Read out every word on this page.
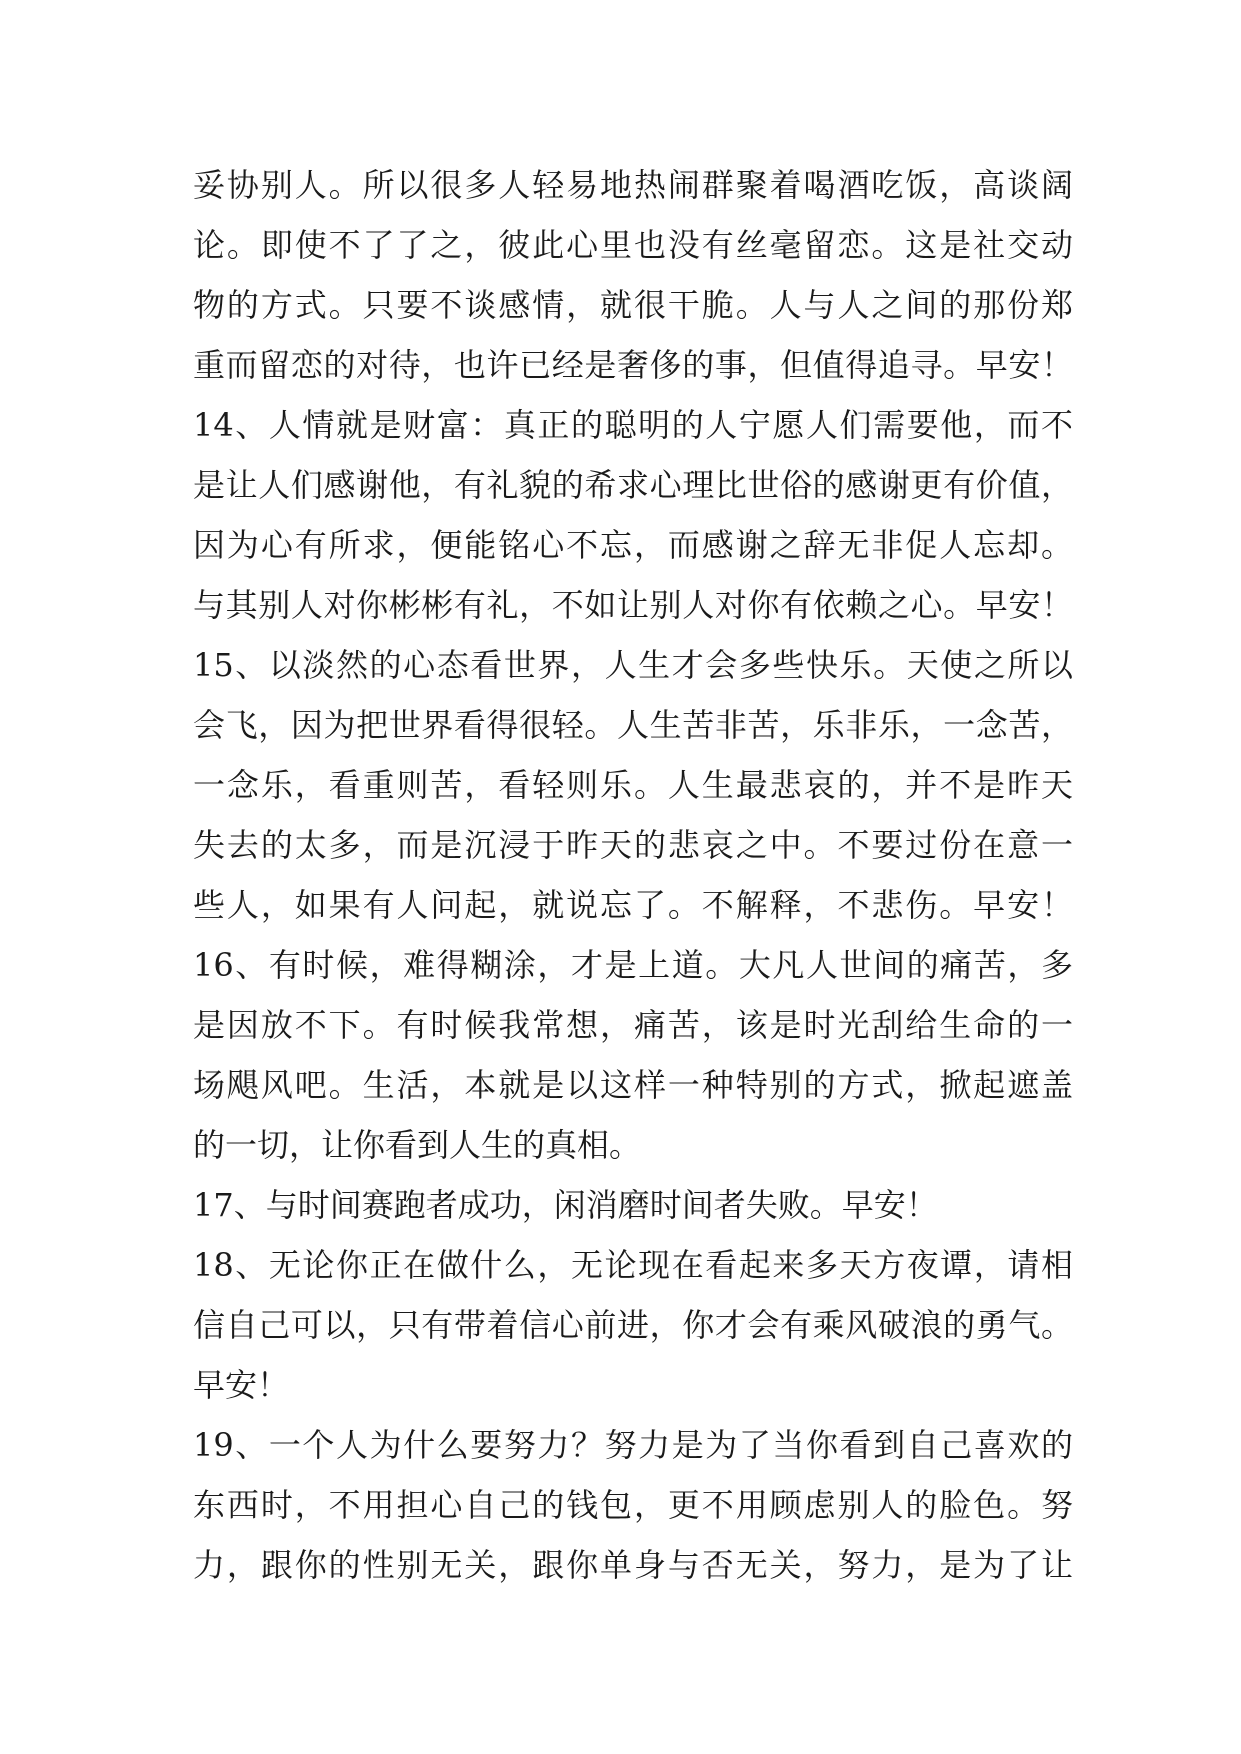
妥协别人。所以很多人轻易地热闹群聚着喝酒吃饭，高谈阔
论。即使不了了之，彼此心里也没有丝毫留恋。这是社交动
物的方式。只要不谈感情，就很干脆。人与人之间的那份郑
重而留恋的对待，也许已经是奢侈的事，但值得追寻。早安！
14、人情就是财富：真正的聪明的人宁愿人们需要他，而不
是让人们感谢他，有礼貌的希求心理比世俗的感谢更有价值，
因为心有所求，便能铭心不忘，而感谢之辞无非促人忘却。
与其别人对你彬彬有礼，不如让别人对你有依赖之心。早安！
15、以淡然的心态看世界，人生才会多些快乐。天使之所以
会飞，因为把世界看得很轻。人生苦非苦，乐非乐，一念苦，
一念乐，看重则苦，看轻则乐。人生最悲哀的，并不是昨天
失去的太多，而是沉浸于昨天的悲哀之中。不要过份在意一
些人，如果有人问起，就说忘了。不解释，不悲伤。早安！
16、有时候，难得糊涂，才是上道。大凡人世间的痛苦，多
是因放不下。有时候我常想，痛苦，该是时光刮给生命的一
场飓风吧。生活，本就是以这样一种特别的方式，掀起遮盖
的一切，让你看到人生的真相。
17、与时间赛跑者成功，闲消磨时间者失败。早安！
18、无论你正在做什么，无论现在看起来多天方夜谭，请相
信自己可以，只有带着信心前进，你才会有乘风破浪的勇气。
早安！
19、一个人为什么要努力？努力是为了当你看到自己喜欢的
东西时，不用担心自己的钱包，更不用顾虑别人的脸色。努
力，跟你的性别无关，跟你单身与否无关，努力，是为了让
